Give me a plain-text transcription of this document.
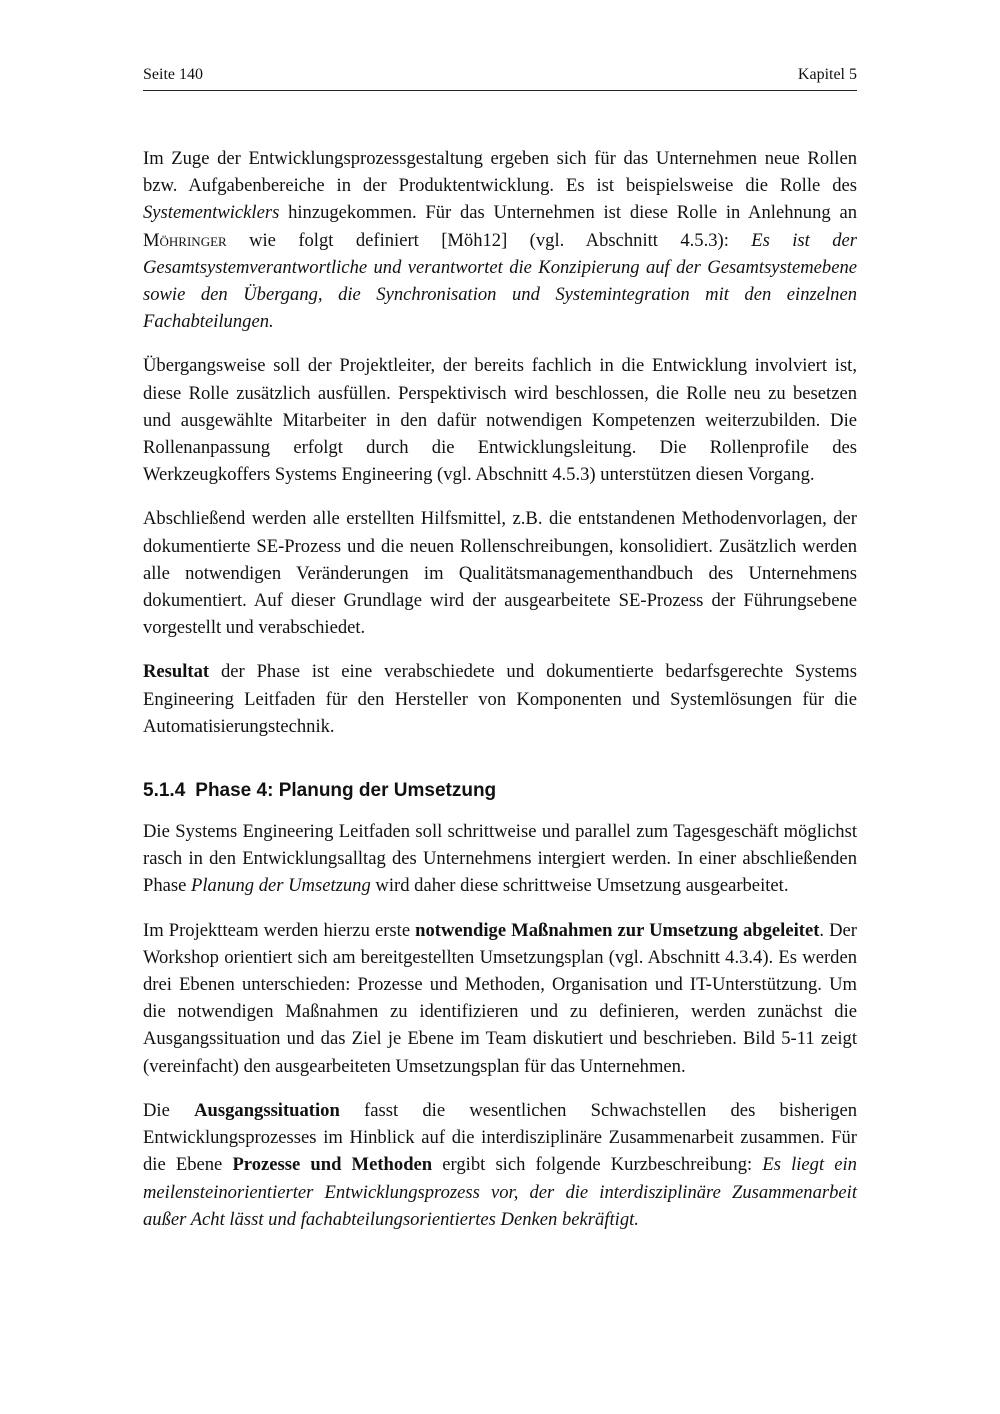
Seite 140	Kapitel 5

Im Zuge der Entwicklungsprozessgestaltung ergeben sich für das Unternehmen neue Rollen bzw. Aufgabenbereiche in der Produktentwicklung. Es ist beispielsweise die Rolle des Systementwicklers hinzugekommen. Für das Unternehmen ist diese Rolle in Anlehnung an Möhringer wie folgt definiert [Möh12] (vgl. Abschnitt 4.5.3): Es ist der Gesamtsystemverantwortliche und verantwortet die Konzipierung auf der Gesamtsystemebene sowie den Übergang, die Synchronisation und Systemintegration mit den einzelnen Fachabteilungen.

Übergangsweise soll der Projektleiter, der bereits fachlich in die Entwicklung involviert ist, diese Rolle zusätzlich ausfüllen. Perspektivisch wird beschlossen, die Rolle neu zu besetzen und ausgewählte Mitarbeiter in den dafür notwendigen Kompetenzen weiterzubilden. Die Rollenanpassung erfolgt durch die Entwicklungsleitung. Die Rollenprofile des Werkzeugkoffers Systems Engineering (vgl. Abschnitt 4.5.3) unterstützen diesen Vorgang.

Abschließend werden alle erstellten Hilfsmittel, z.B. die entstandenen Methodenvorlagen, der dokumentierte SE-Prozess und die neuen Rollenschreibungen, konsolidiert. Zusätzlich werden alle notwendigen Veränderungen im Qualitätsmanagementhandbuch des Unternehmens dokumentiert. Auf dieser Grundlage wird der ausgearbeitete SE-Prozess der Führungsebene vorgestellt und verabschiedet.

Resultat der Phase ist eine verabschiedete und dokumentierte bedarfsgerechte Systems Engineering Leitfaden für den Hersteller von Komponenten und Systemlösungen für die Automatisierungstechnik.

5.1.4 Phase 4: Planung der Umsetzung

Die Systems Engineering Leitfaden soll schrittweise und parallel zum Tagesgeschäft möglichst rasch in den Entwicklungsalltag des Unternehmens intergiert werden. In einer abschließenden Phase Planung der Umsetzung wird daher diese schrittweise Umsetzung ausgearbeitet.

Im Projektteam werden hierzu erste notwendige Maßnahmen zur Umsetzung abgeleitet. Der Workshop orientiert sich am bereitgestellten Umsetzungsplan (vgl. Abschnitt 4.3.4). Es werden drei Ebenen unterschieden: Prozesse und Methoden, Organisation und IT-Unterstützung. Um die notwendigen Maßnahmen zu identifizieren und zu definieren, werden zunächst die Ausgangssituation und das Ziel je Ebene im Team diskutiert und beschrieben. Bild 5-11 zeigt (vereinfacht) den ausgearbeiteten Umsetzungsplan für das Unternehmen.

Die Ausgangssituation fasst die wesentlichen Schwachstellen des bisherigen Entwicklungsprozesses im Hinblick auf die interdisziplinäre Zusammenarbeit zusammen. Für die Ebene Prozesse und Methoden ergibt sich folgende Kurzbeschreibung: Es liegt ein meilensteinorientierter Entwicklungsprozess vor, der die interdisziplinäre Zusammenarbeit außer Acht lässt und fachabteilungsorientiertes Denken bekräftigt.
